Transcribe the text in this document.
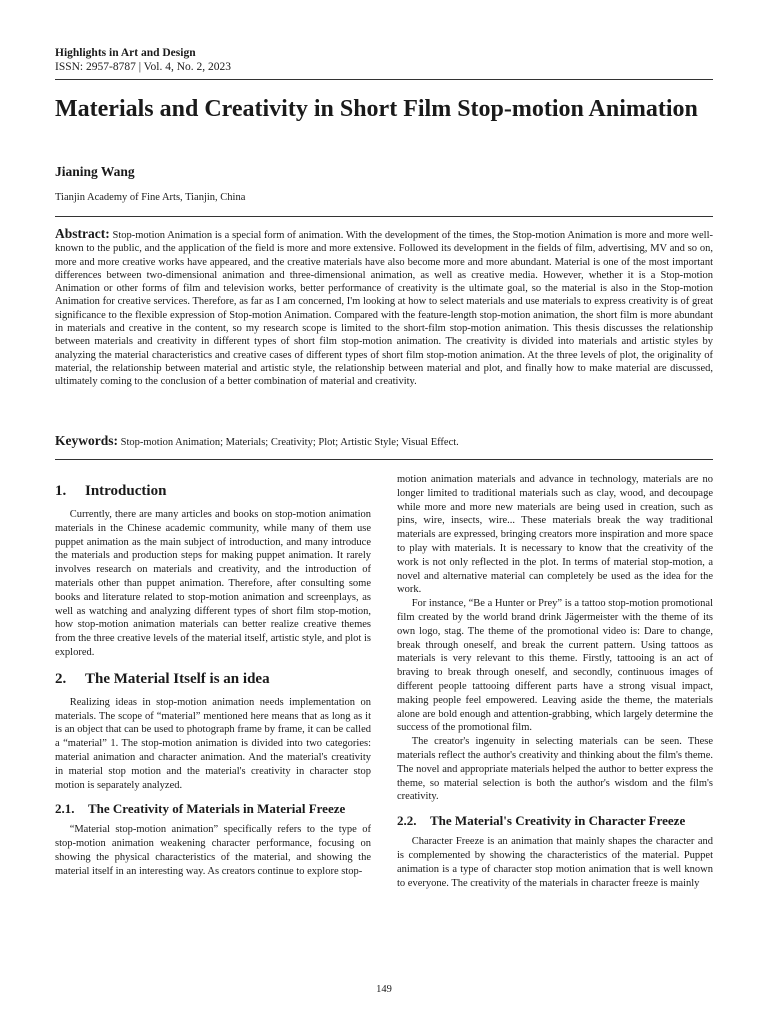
Highlights in Art and Design
ISSN: 2957-8787 | Vol. 4, No. 2, 2023
Materials and Creativity in Short Film Stop-motion Animation

Jianing Wang

Tianjin Academy of Fine Arts, Tianjin, China

Abstract: Stop-motion Animation is a special form of animation. With the development of the times, the Stop-motion Animation is more and more well-known to the public, and the application of the field is more and more extensive. Followed its development in the fields of film, advertising, MV and so on, more and more creative works have appeared, and the creative materials have also become more and more abundant. Material is one of the most important differences between two-dimensional animation and three-dimensional animation, as well as creative media. However, whether it is a Stop-motion Animation or other forms of film and television works, better performance of creativity is the ultimate goal, so the material is also in the Stop-motion Animation for creative services. Therefore, as far as I am concerned, I'm looking at how to select materials and use materials to express creativity is of great significance to the flexible expression of Stop-motion Animation. Compared with the feature-length stop-motion animation, the short film is more abundant in materials and creative in the content, so my research scope is limited to the short-film stop-motion animation. This thesis discusses the relationship between materials and creativity in different types of short film stop-motion animation. The creativity is divided into materials and artistic styles by analyzing the material characteristics and creative cases of different types of short film stop-motion animation. At the three levels of plot, the originality of material, the relationship between material and artistic style, the relationship between material and plot, and finally how to make material are discussed, ultimately coming to the conclusion of a better combination of material and creativity.

Keywords: Stop-motion Animation; Materials; Creativity; Plot; Artistic Style; Visual Effect.

1.	Introduction

Currently, there are many articles and books on stop-motion animation materials in the Chinese academic community, while many of them use puppet animation as the main subject of introduction, and many introduce the materials and production steps for making puppet animation. It rarely involves research on materials and creativity, and the introduction of materials other than puppet animation. Therefore, after consulting some books and literature related to stop-motion animation and screenplays, as well as watching and analyzing different types of short film stop-motion, how stop-motion animation materials can better realize creative themes from the three creative levels of the material itself, artistic style, and plot is explored.

2.	The Material Itself is an idea

Realizing ideas in stop-motion animation needs implementation on materials. The scope of “material” mentioned here means that as long as it is an object that can be used to photograph frame by frame, it can be called a “material” 1. The stop-motion animation is divided into two categories: material animation and character animation. And the material's creativity in material stop motion and the material's creativity in character stop motion is separately analyzed.

2.1.	The Creativity of Materials in Material Freeze

“Material stop-motion animation” specifically refers to the type of stop-motion animation weakening character performance, focusing on showing the physical characteristics of the material, and showing the material itself in an interesting way. As creators continue to explore stop-

motion animation materials and advance in technology, materials are no longer limited to traditional materials such as clay, wood, and decoupage while more and more new materials are being used in creation, such as pins, wire, insects, wire... These materials break the way traditional materials are expressed, bringing creators more inspiration and more space to play with materials. It is necessary to know that the creativity of the work is not only reflected in the plot. In terms of material stop-motion, a novel and alternative material can completely be used as the idea for the work.

For instance, “Be a Hunter or Prey” is a tattoo stop-motion promotional film created by the world brand drink Jägermeister with the theme of its own logo, stag. The theme of the promotional video is: Dare to change, break through oneself, and break the current pattern. Using tattoos as materials is very relevant to this theme. Firstly, tattooing is an act of braving to break through oneself, and secondly, continuous images of different people tattooing different parts have a strong visual impact, making people feel empowered. Leaving aside the theme, the materials alone are bold enough and attention-grabbing, which largely determine the success of the promotional film.

The creator's ingenuity in selecting materials can be seen. These materials reflect the author's creativity and thinking about the film's theme. The novel and appropriate materials helped the author to better express the theme, so material selection is both the author's wisdom and the film's creativity.

2.2.	The Material's Creativity in Character Freeze

Character Freeze is an animation that mainly shapes the character and is complemented by showing the characteristics of the material. Puppet animation is a type of character stop motion animation that is well known to everyone. The creativity of the materials in character freeze is mainly

149
